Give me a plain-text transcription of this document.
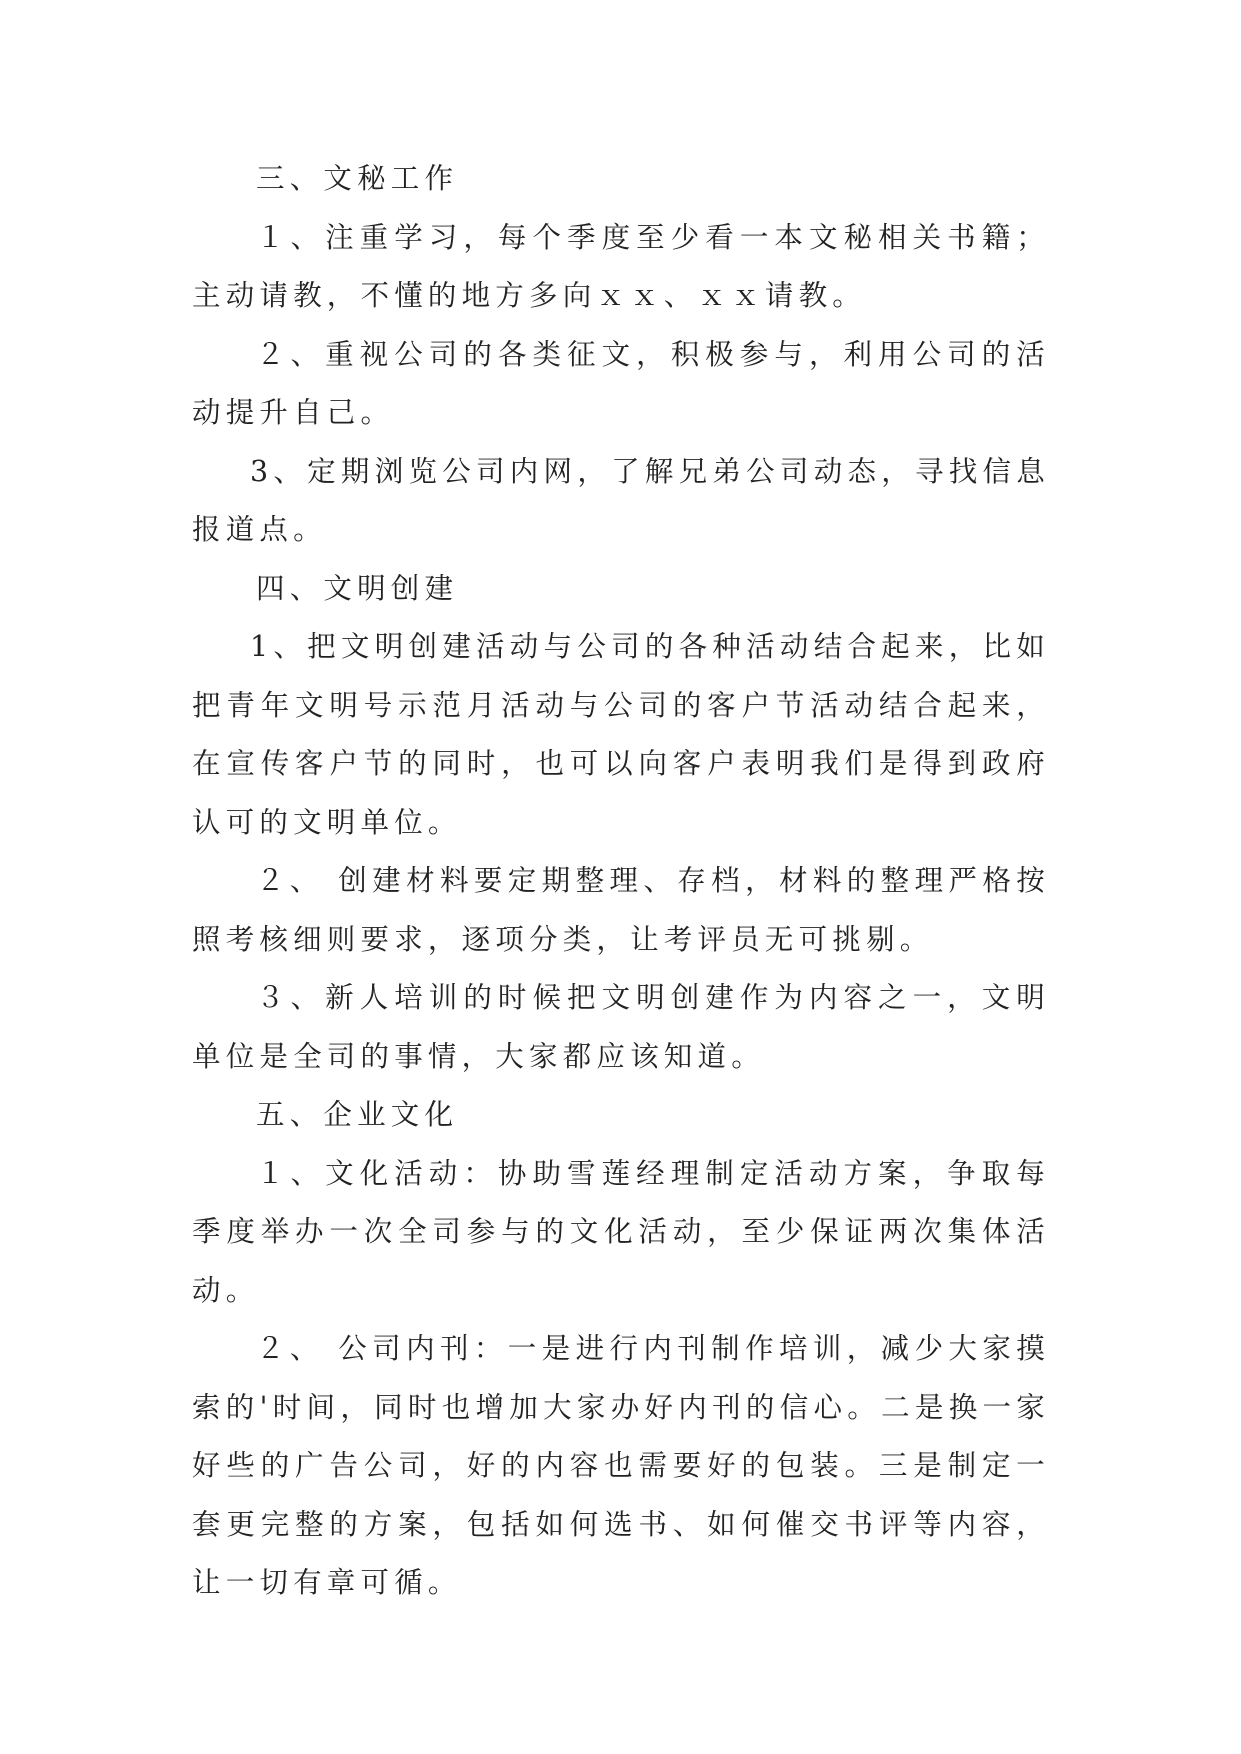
三、文秘工作

１、注重学习，每个季度至少看一本文秘相关书籍；主动请教，不懂的地方多向ｘｘ、ｘｘ请教。

２、重视公司的各类征文，积极参与，利用公司的活动提升自己。

3、定期浏览公司内网，了解兄弟公司动态，寻找信息报道点。

四、文明创建

1、把文明创建活动与公司的各种活动结合起来，比如把青年文明号示范月活动与公司的客户节活动结合起来，在宣传客户节的同时，也可以向客户表明我们是得到政府认可的文明单位。

２、 创建材料要定期整理、存档，材料的整理严格按照考核细则要求，逐项分类，让考评员无可挑剔。

３、新人培训的时候把文明创建作为内容之一，文明单位是全司的事情，大家都应该知道。

五、企业文化

１、文化活动：协助雪莲经理制定活动方案，争取每季度举办一次全司参与的文化活动，至少保证两次集体活动。

２、 公司内刊：一是进行内刊制作培训，减少大家摸索的'时间，同时也增加大家办好内刊的信心。二是换一家好些的广告公司，好的内容也需要好的包装。三是制定一套更完整的方案，包括如何选书、如何催交书评等内容，让一切有章可循。
